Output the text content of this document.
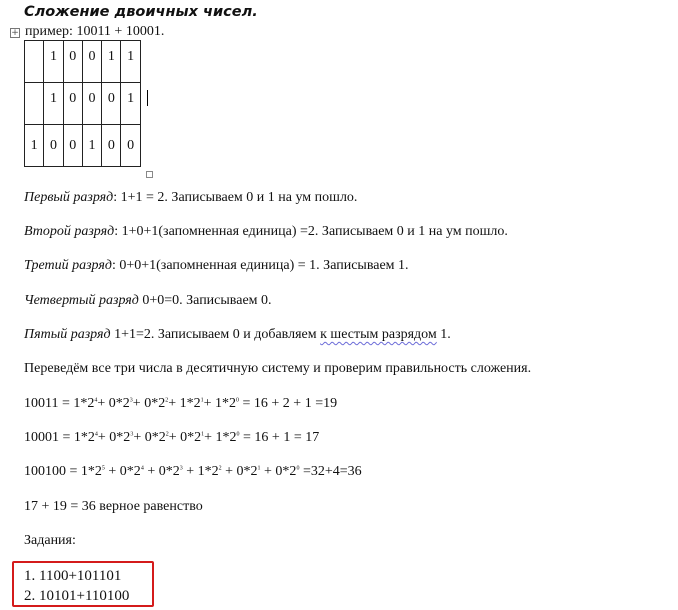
Сложение двоичных чисел.
+ пример: 10011 + 10001.

	1	0	0	1	1
	1	0	0	0	1
1	0	0	1	0	0

Первый разряд: 1+1 = 2. Записываем 0 и 1 на ум пошло.

Второй разряд: 1+0+1(запомненная единица) =2. Записываем 0 и 1 на ум пошло.

Третий разряд: 0+0+1(запомненная единица) = 1. Записываем 1.

Четвертый разряд 0+0=0. Записываем 0.

Пятый разряд 1+1=2. Записываем 0 и добавляем к шестым разрядом 1.

Переведём все три числа в десятичную систему и проверим правильность сложения.

$10011 = 1*2^4+ 0*2^3+ 0*2^2+ 1*2^1+ 1*2^0 = 16 + 2 + 1 =19$

$10001 = 1*2^4+ 0*2^3+ 0*2^2+ 0*2^1+ 1*2^0 = 16 + 1 = 17$

$100100 = 1*2^5 + 0*2^4 + 0*2^3 + 1*2^2 + 0*2^1 + 0*2^0 =32+4=36$

17 + 19 = 36 верное равенство

Задания:

1. 1100+101101

2. 10101+110100
